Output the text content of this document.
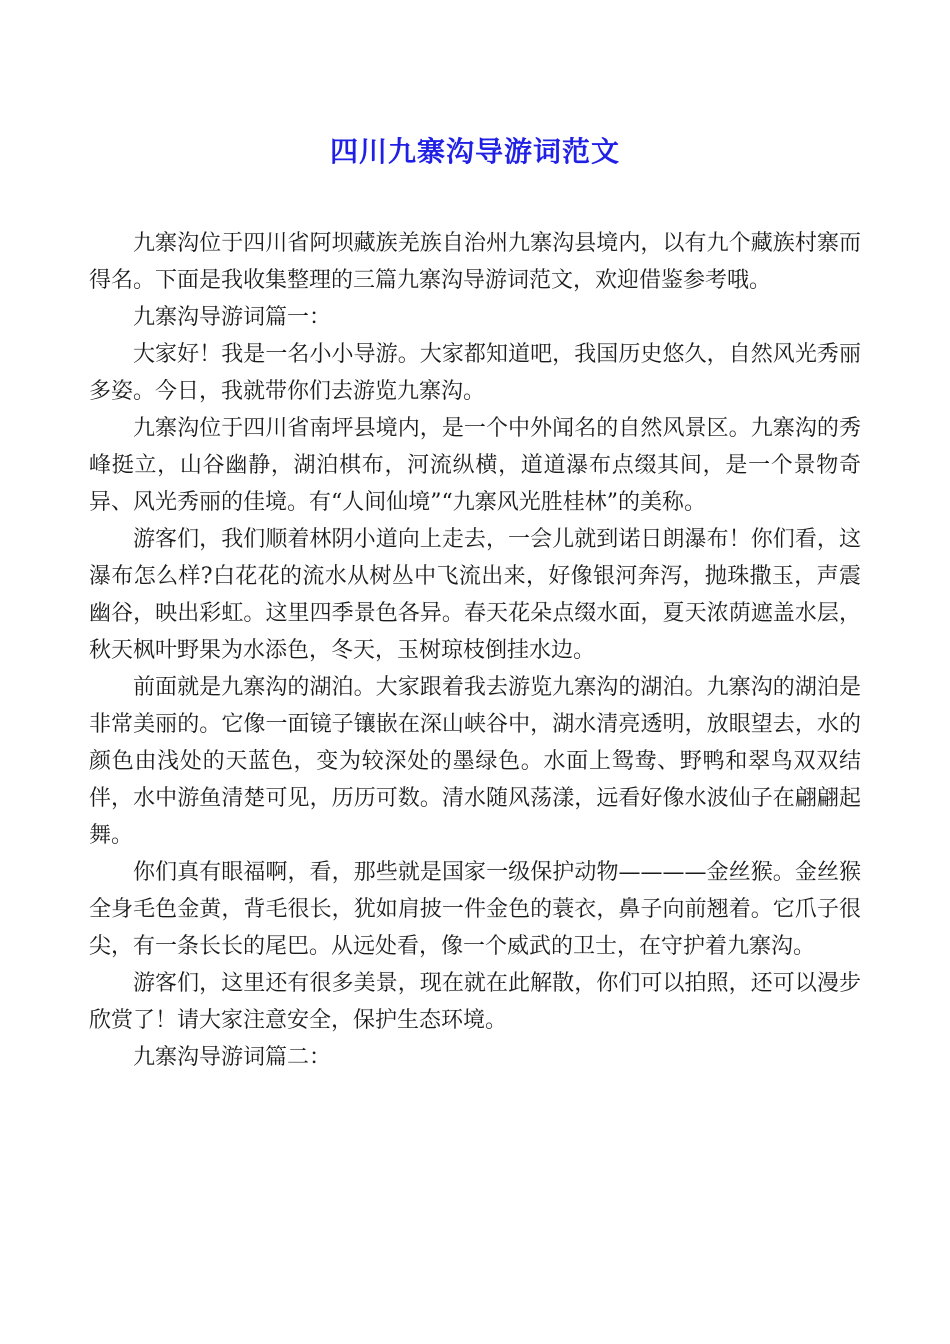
四川九寨沟导游词范文

九寨沟位于四川省阿坝藏族羌族自治州九寨沟县境内，以有九个藏族村寨而得名。下面是我收集整理的三篇九寨沟导游词范文，欢迎借鉴参考哦。

九寨沟导游词篇一：

大家好！我是一名小小导游。大家都知道吧，我国历史悠久，自然风光秀丽多姿。今日，我就带你们去游览九寨沟。

九寨沟位于四川省南坪县境内，是一个中外闻名的自然风景区。九寨沟的秀峰挺立，山谷幽静，湖泊棋布，河流纵横，道道瀑布点缀其间，是一个景物奇异、风光秀丽的佳境。有“人间仙境”“九寨风光胜桂林”的美称。

游客们，我们顺着林阴小道向上走去，一会儿就到诺日朗瀑布！你们看，这瀑布怎么样?白花花的流水从树丛中飞流出来，好像银河奔泻，抛珠撒玉，声震幽谷，映出彩虹。这里四季景色各异。春天花朵点缀水面，夏天浓荫遮盖水层，秋天枫叶野果为水添色，冬天，玉树琼枝倒挂水边。

前面就是九寨沟的湖泊。大家跟着我去游览九寨沟的湖泊。九寨沟的湖泊是非常美丽的。它像一面镜子镶嵌在深山峡谷中，湖水清亮透明，放眼望去，水的颜色由浅处的天蓝色，变为较深处的墨绿色。水面上鸳鸯、野鸭和翠鸟双双结伴，水中游鱼清楚可见，历历可数。清水随风荡漾，远看好像水波仙子在翩翩起舞。

你们真有眼福啊，看，那些就是国家一级保护动物————金丝猴。金丝猴全身毛色金黄，背毛很长，犹如肩披一件金色的蓑衣，鼻子向前翘着。它爪子很尖，有一条长长的尾巴。从远处看，像一个威武的卫士，在守护着九寨沟。

游客们，这里还有很多美景，现在就在此解散，你们可以拍照，还可以漫步欣赏了！请大家注意安全，保护生态环境。

九寨沟导游词篇二：
